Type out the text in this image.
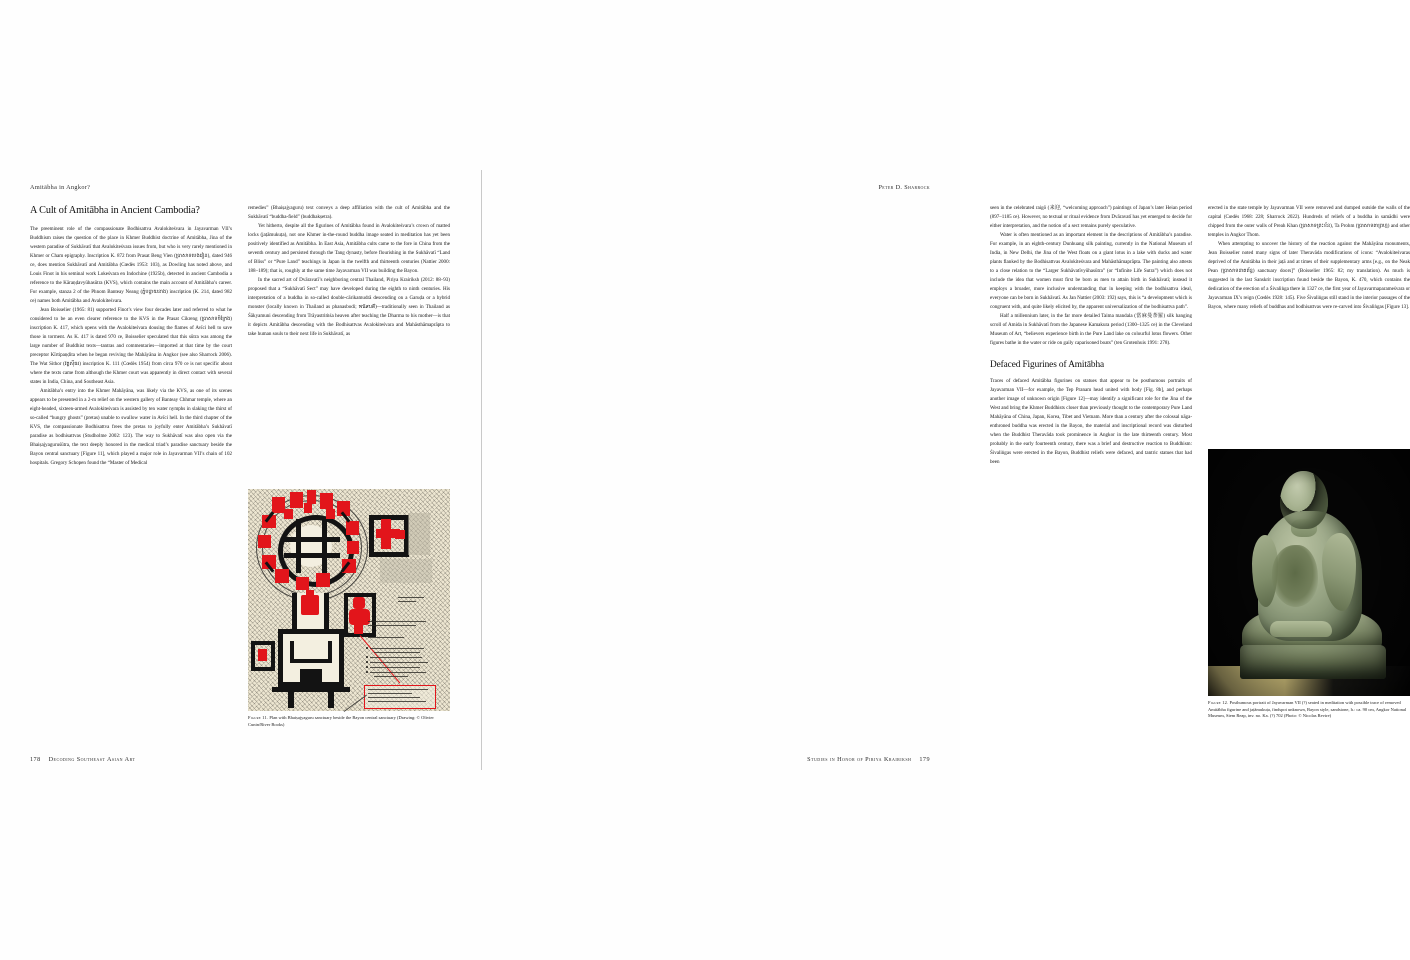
Amitābha in Angkor?
A Cult of Amitābha in Ancient Cambodia?

The preeminent role of the compassionate Bodhisattva Avalokiteśvara in Jayavarman VII’s Buddhism raises the question of the place in Khmer Buddhist doctrine of Amitābha, Jina of the western paradise of Sukhāvatī that Avalokiteśvara issues from, but who is very rarely mentioned in Khmer or Cham epigraphy. Inscription K. 872 from Prasat Beng Vien (ប្រាសាទបេងវៀន), dated 946 ce, does mention Sukhāvatī and Amitābha (Cœdès 1953: 103), as Dowling has noted above, and Louis Finot in his seminal work Lokeśvara en Indochine (1925b), detected in ancient Cambodia a reference to the Kāraṇḍavyūhasūtra (KVS), which contains the main account of Amitābha’s career. For example, stanza 2 of the Phnom Banteay Neang (ភ្នំបន្ទាយនាង) inscription (K. 214, dated 982 ce) names both Amitābha and Avalokiteśvara.

Jean Boisselier (1965: 81) supported Finot’s view four decades later and referred to what he considered to be an even clearer reference to the KVS in the Prasat Cikreng (ប្រាសាទចិក្រែង) inscription K. 417, which opens with the Avalokiteśvara dousing the flames of Avīci hell to save those in torment. As K. 417 is dated 970 ce, Boisselier speculated that this sūtra was among the large number of Buddhist texts—tantras and commentaries—imported at that time by the court preceptor Kīrtipaṇḍita when he began reviving the Mahāyāna in Angkor (see also Sharrock 2006). The Wat Sithor (វត្តស៊ីធរ) inscription K. 111 (Cœdès 1954) from circa 970 ce is not specific about where the texts came from although the Khmer court was apparently in direct contact with several states in India, China, and Southeast Asia.

Amitābha’s entry into the Khmer Mahāyāna, was likely via the KVS, as one of its scenes appears to be presented in a 2-m relief on the western gallery of Banteay Chhmar temple, where an eight-headed, sixteen-armed Avalokiteśvara is assisted by ten water nymphs in slaking the thirst of so-called “hungry ghosts” (pretas) unable to swallow water in Avīci hell. In the third chapter of the KVS, the compassionate Bodhisattva frees the pretas to joyfully enter Amitābha’s Sukhāvatī paradise as bodhisattvas (Studholme 2002: 123). The way to Sukhāvatī was also open via the Bhaiṣajyaguruśūtra, the text deeply honored in the medical triad’s paradise sanctuary beside the Bayon central sanctuary [Figure 11], which played a major role in Jayavarman VII’s chain of 102 hospitals. Gregory Schopen found the “Master of Medical

remedies” (Bhaiṣajyaguru) text conveys a deep affiliation with the cult of Amitābha and the Sukhāvatī “buddha-field” (buddhakṣetra).

Yet hitherto, despite all the figurines of Amitābha found in Avalokiteśvara’s crown of matted locks (jaṭāmukuṭa), not one Khmer in-the-round buddha image seated in meditation has yet been positively identified as Amitābha. In East Asia, Amitābha cults came to the fore in China from the seventh century and persisted through the Tang dynasty, before flourishing in the Sukhāvatī “Land of Bliss” or “Pure Land” teachings in Japan in the twelfth and thirteenth centuries (Nattier 2000: 188–189); that is, roughly at the same time Jayavarman VII was building the Bayon.

In the sacred art of Dvāravatī’s neighboring central Thailand, Piriya Krairiksh (2012: 88–93) proposed that a “Sukhāvatī Sect” may have developed during the eighth to ninth centuries. His interpretation of a buddha in so-called double-cārikamudrā descending on a Garuḍa or a hybrid monster (locally known in Thailand as phanasbodi; พนัสบดี)—traditionally seen in Thailand as Śākyamuni descending from Trāyastriṁśa heaven after teaching the Dharma to his mother—is that it depicts Amitābha descending with the Bodhisattvas Avalokiteśvara and Mahāsthāmaprāpta to take human souls to their next life in Sukhāvatī, as

Figure 11. Plan with Bhaiṣajyaguru sanctuary beside the Bayon central sanctuary (Drawing: © Olivier Cunin/River Books)
178 Decoding Southeast Asian Art
Peter D. Sharrock

seen in the celebrated raigō (来迎, “welcoming approach”) paintings of Japan’s later Heian period (897–1185 ce). However, no textual or ritual evidence from Dvāravatī has yet emerged to decide for either interpretation, and the notion of a sect remains purely speculative.

Water is often mentioned as an important element in the descriptions of Amitābha’s paradise. For example, in an eighth-century Dunhuang silk painting, currently in the National Museum of India, in New Delhi, the Jina of the West floats on a giant lotus in a lake with ducks and water plants flanked by the Bodhisattvas Avalokiteśvara and Mahāsthāmaprāpta. The painting also attests to a close relation to the “Larger Sukhāvatīvyūhasūtra” (or “Infinite Life Sutra”) which does not include the idea that women must first be born as men to attain birth in Sukhāvatī; instead it employs a broader, more inclusive understanding that in keeping with the bodhisattva ideal, everyone can be born in Sukhāvatī. As Jan Nattier (2003: 192) says, this is “a development which is congruent with, and quite likely elicited by, the apparent universalization of the bodhisattva path”.

Half a millennium later, in the far more detailed Taima mandala (當麻曼荼羅) silk hanging scroll of Amida in Sukhāvatī from the Japanese Kamakura period (1300–1325 ce) in the Cleveland Museum of Art, “believers experience birth in the Pure Land lake on colourful lotus flowers. Other figures bathe in the water or ride on gaily caparisoned boats” (ten Grotenhuis 1991: 278).

Defaced Figurines of Amitābha

Traces of defaced Amitābha figurines on statues that appear to be posthumous portraits of Jayavarman VII—for example, the Tep Pranam head united with body [Fig. 8b], and perhaps another image of unknown origin [Figure 12]—may identify a significant role for the Jina of the West and bring the Khmer Buddhists closer than previously thought to the contemporary Pure Land Mahāyāna of China, Japan, Korea, Tibet and Vietnam. More than a century after the colossal nāga-enthroned buddha was erected in the Bayon, the material and inscriptional record was disturbed when the Buddhist Theravāda took prominence in Angkor in the late thirteenth century. Most probably in the early fourteenth century, there was a brief and destructive reaction to Buddhism: Śivaliṅgas were erected in the Bayon, Buddhist reliefs were defaced, and tantric statues that had been

erected in the state temple by Jayavarman VII were removed and dumped outside the walls of the capital (Cœdès 1968: 228; Sharrock 2022). Hundreds of reliefs of a buddha in samādhi were chipped from the outer walls of Preah Khan (ប្រាសាទព្រះខ័ន), Ta Prohm (ប្រាសាទតាព្រហ្ម) and other temples in Angkor Thom.

When attempting to uncover the history of the reaction against the Mahāyāna monuments, Jean Boisselier noted many signs of later Theravāda modifications of icons: “Avalokiteśvaras deprived of the Amitābha in their jaṭā and at times of their supplementary arms [e.g., on the Neak Pean (ប្រាសាទនាគព័ន្ធ) sanctuary doors]” (Boisselier 1965: 82; my translation). As much is suggested in the last Sanskrit inscription found beside the Bayon, K. 470, which contains the dedication of the erection of a Śivaliṅga there in 1327 ce, the first year of Jayavarmaparameśvara or Jayavarman IX’s reign (Cœdès 1928: 145). Five Śivaliṅgas still stand in the interior passages of the Bayon, where many reliefs of buddhas and bodhisattvas were re-carved into Śivaliṅgas [Figure 13].

Figure 12. Posthumous portrait of Jayavarman VII (?) seated in meditation with possible trace of removed Amitābha figurine and jaṭāmukuṭa, findspot unknown, Bayon style, sandstone, h.: ca. 90 cm, Angkor National Museum, Siem Reap, inv. no. Ka. (?) 702 (Photo: © Nicolas Revire)
Studies in Honor of Piriya Krairiksh 179
